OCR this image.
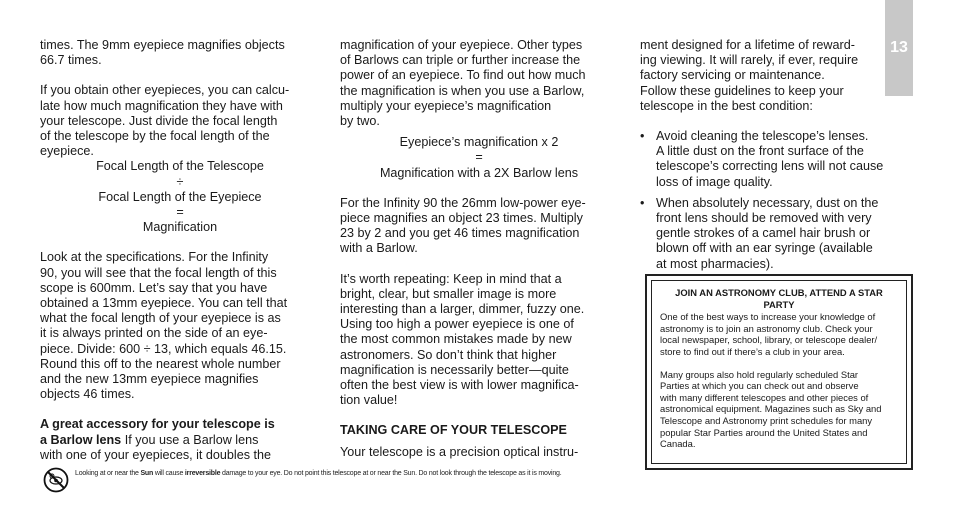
13

times. The 9mm eyepiece magnifies objects
66.7 times.

If you obtain other eyepieces, you can calcu-
late how much magnification they have with
your telescope. Just divide the focal length
of the telescope by the focal length of the
eyepiece.

Focal Length of the Telescope
÷
Focal Length of the Eyepiece
=
Magnification

Look at the specifications. For the Infinity
90, you will see that the focal length of this
scope is 600mm. Let’s say that you have
obtained a 13mm eyepiece. You can tell that
what the focal length of your eyepiece is as
it is always printed on the side of an eye-
piece. Divide: 600 ÷ 13, which equals 46.15.
Round this off to the nearest whole number
and the new 13mm eyepiece magnifies
objects 46 times.

A great accessory for your telescope is
a Barlow lens If you use a Barlow lens
with one of your eyepieces, it doubles the

magnification of your eyepiece. Other types
of Barlows can triple or further increase the
power of an eyepiece. To find out how much
the magnification is when you use a Barlow,
multiply your eyepiece’s magnification
by two.

Eyepiece’s magnification x 2
=
Magnification with a 2X Barlow lens

For the Infinity 90 the 26mm low-power eye-
piece magnifies an object 23 times. Multiply
23 by 2 and you get 46 times magnification
with a Barlow.

It’s worth repeating: Keep in mind that a
bright, clear, but smaller image is more
interesting than a larger, dimmer, fuzzy one.
Using too high a power eyepiece is one of
the most common mistakes made by new
astronomers. So don’t think that higher
magnification is necessarily better—quite
often the best view is with lower magnifica-
tion value!

TAKING CARE OF YOUR TELESCOPE

Your telescope is a precision optical instru-

ment designed for a lifetime of reward-
ing viewing. It will rarely, if ever, require
factory servicing or maintenance.
Follow these guidelines to keep your
telescope in the best condition:

• Avoid cleaning the telescope’s lenses.
A little dust on the front surface of the
telescope’s correcting lens will not cause
loss of image quality.
• When absolutely necessary, dust on the
front lens should be removed with very
gentle strokes of a camel hair brush or
blown off with an ear syringe (available
at most pharmacies).
JOIN AN ASTRONOMY CLUB, ATTEND A STAR
PARTY

One of the best ways to increase your knowledge of
astronomy is to join an astronomy club. Check your
local newspaper, school, library, or telescope dealer/
store to find out if there’s a club in your area.

Many groups also hold regularly scheduled Star
Parties at which you can check out and observe
with many different telescopes and other pieces of
astronomical equipment. Magazines such as Sky and
Telescope and Astronomy print schedules for many
popular Star Parties around the United States and
Canada.

Looking at or near the Sun will cause irreversible damage to your eye. Do not point this telescope at or near the Sun. Do not look through the telescope as it is moving.
